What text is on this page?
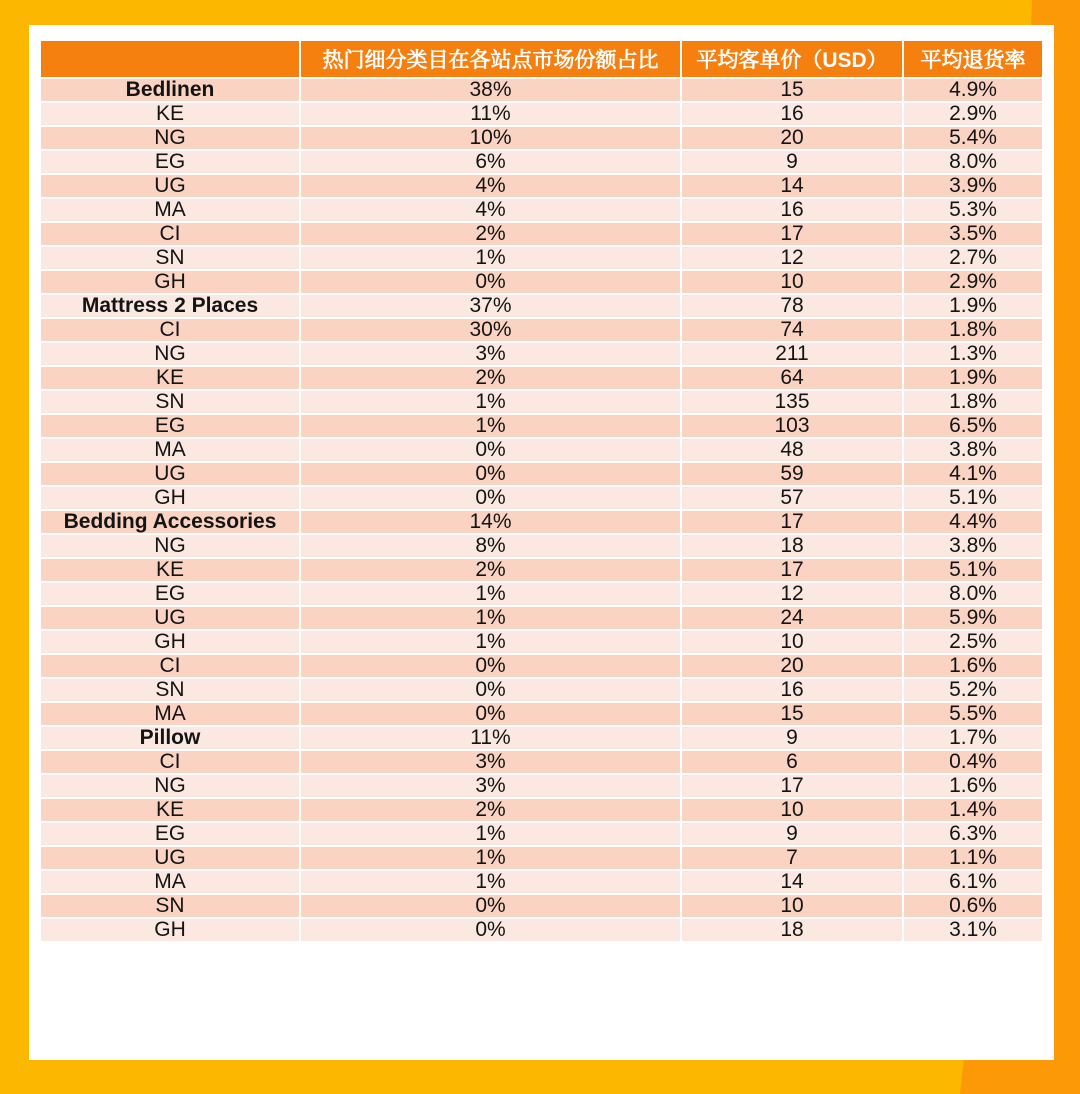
	热门细分类目在各站点市场份额占比	平均客单价（USD）	平均退货率
Bedlinen	38%	15	4.9%
KE	11%	16	2.9%
NG	10%	20	5.4%
EG	6%	9	8.0%
UG	4%	14	3.9%
MA	4%	16	5.3%
CI	2%	17	3.5%
SN	1%	12	2.7%
GH	0%	10	2.9%
Mattress 2 Places	37%	78	1.9%
CI	30%	74	1.8%
NG	3%	211	1.3%
KE	2%	64	1.9%
SN	1%	135	1.8%
EG	1%	103	6.5%
MA	0%	48	3.8%
UG	0%	59	4.1%
GH	0%	57	5.1%
Bedding Accessories	14%	17	4.4%
NG	8%	18	3.8%
KE	2%	17	5.1%
EG	1%	12	8.0%
UG	1%	24	5.9%
GH	1%	10	2.5%
CI	0%	20	1.6%
SN	0%	16	5.2%
MA	0%	15	5.5%
Pillow	11%	9	1.7%
CI	3%	6	0.4%
NG	3%	17	1.6%
KE	2%	10	1.4%
EG	1%	9	6.3%
UG	1%	7	1.1%
MA	1%	14	6.1%
SN	0%	10	0.6%
GH	0%	18	3.1%
